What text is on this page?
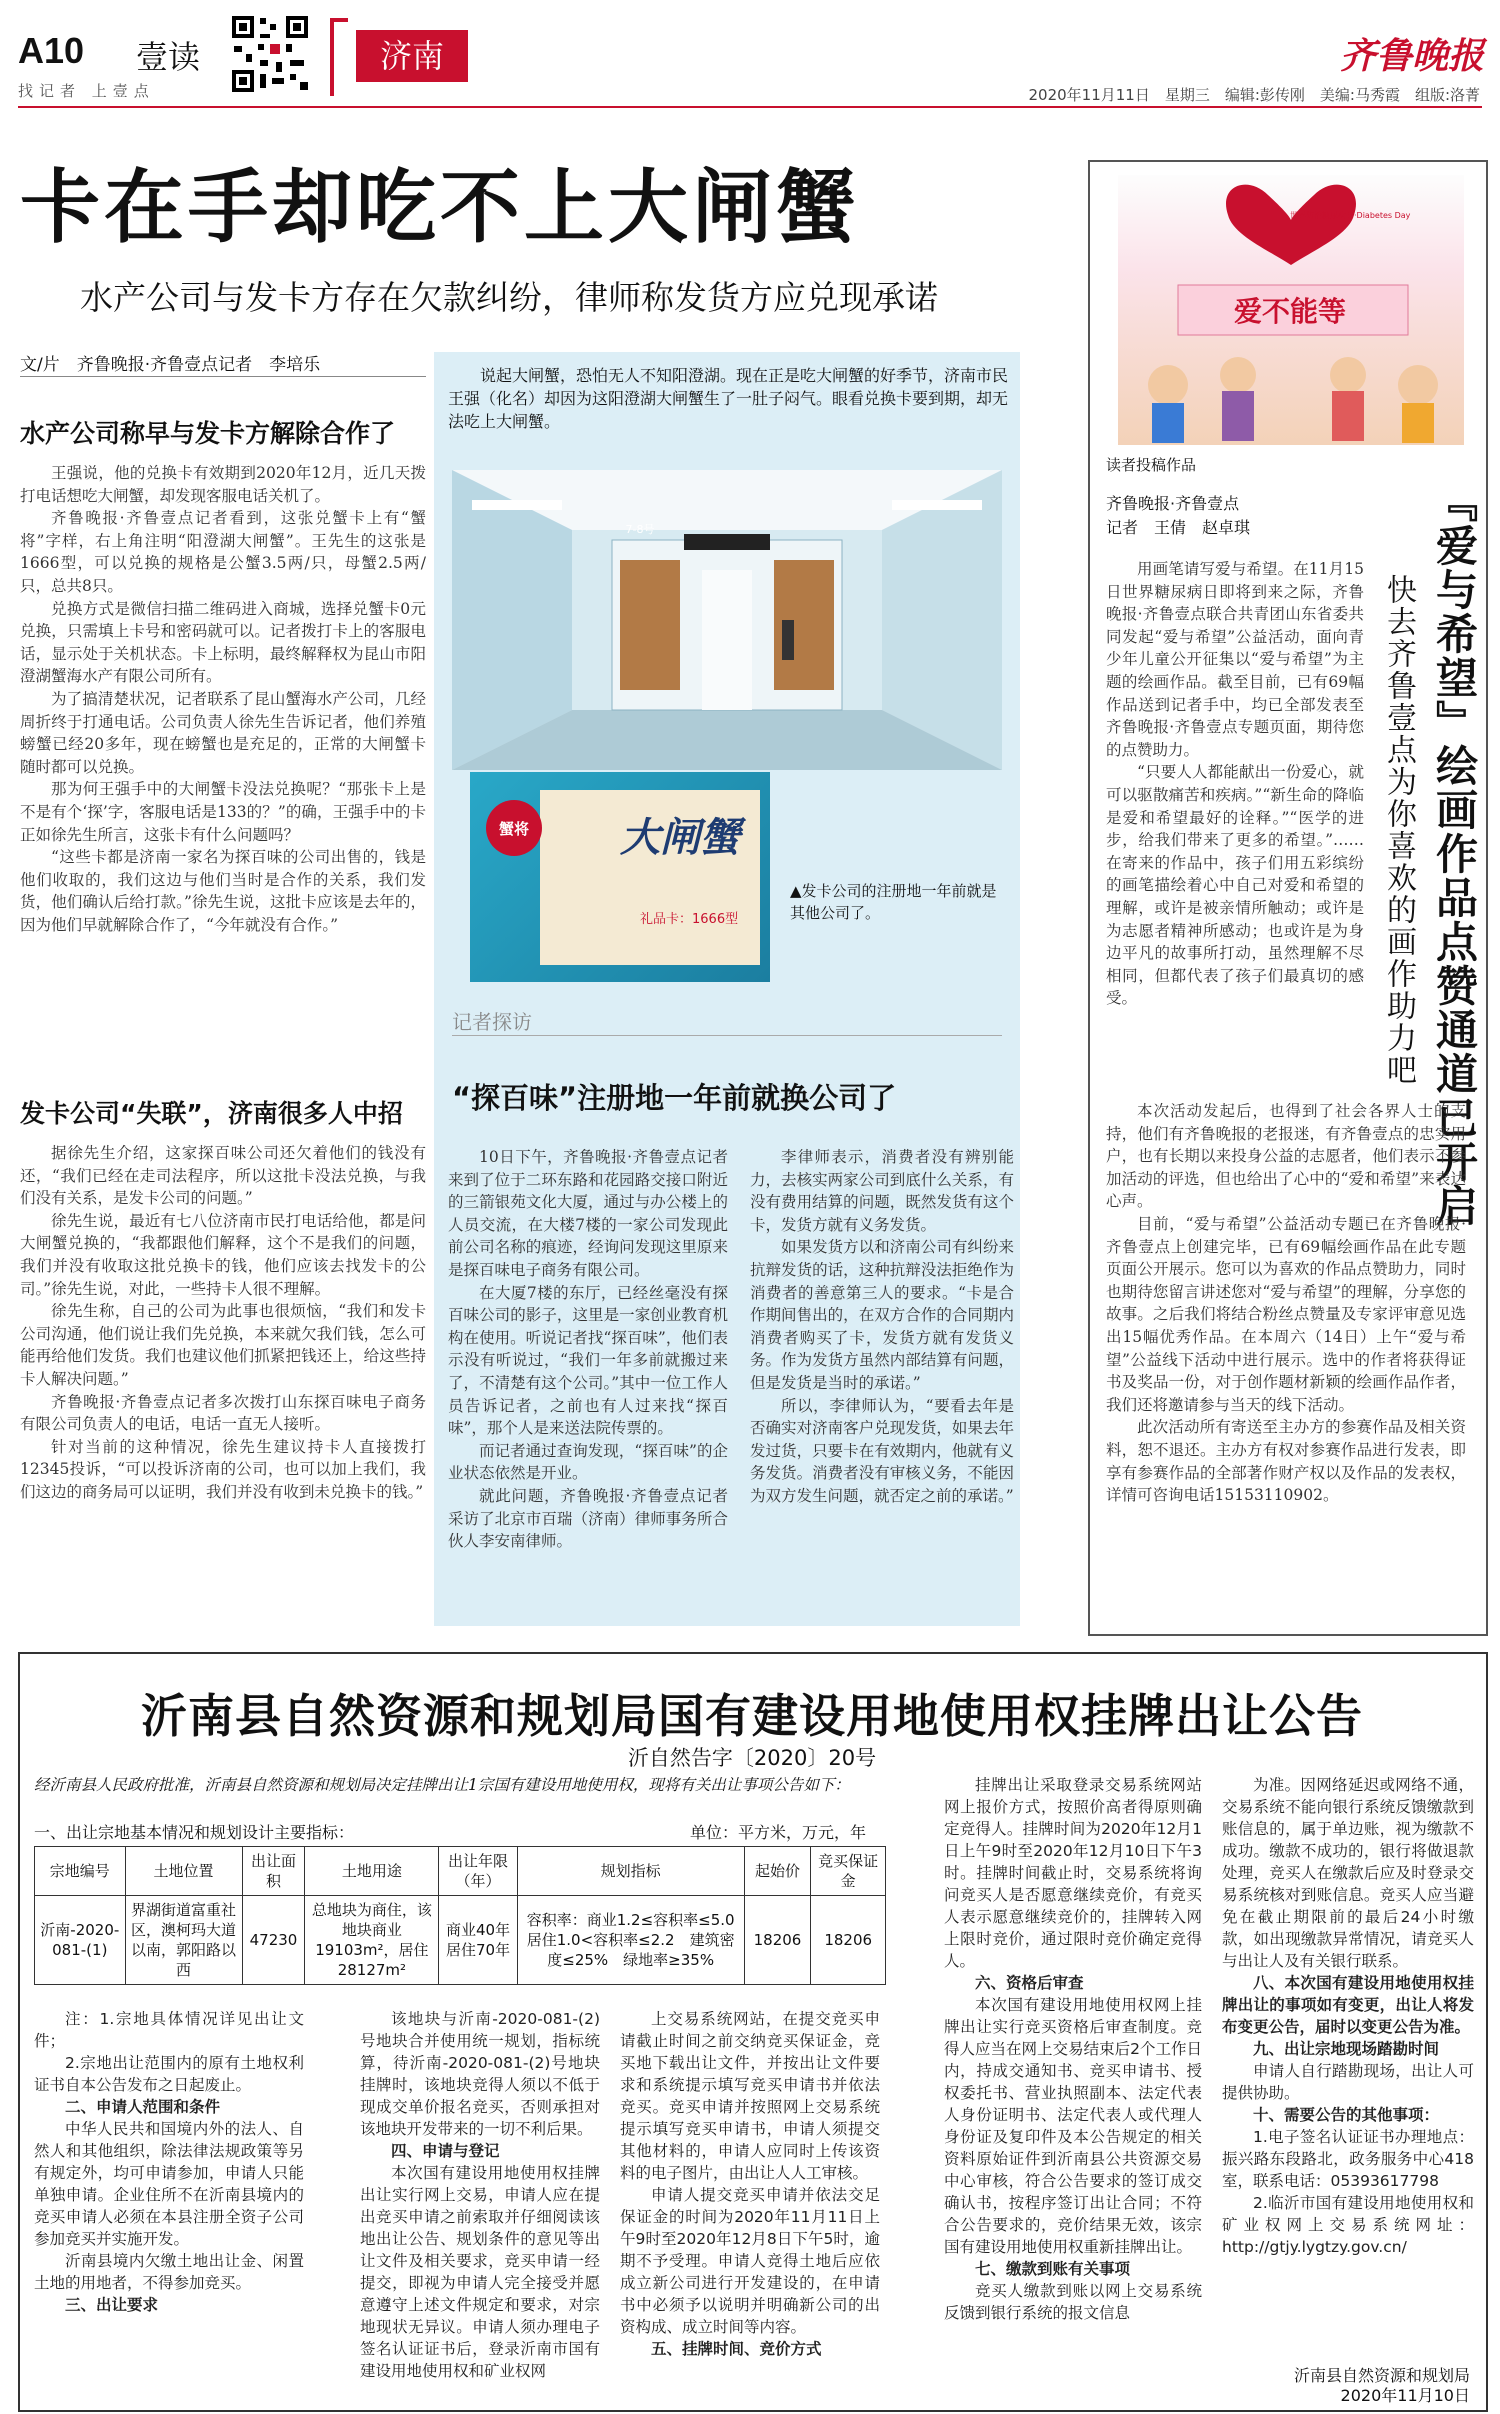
A10 壹读
找记者 上壹点
济南	齐鲁晚报
2020年11月11日　星期三　编辑:彭传刚　美编:马秀霞　组版:洛菁
卡在手却吃不上大闸蟹
水产公司与发卡方存在欠款纠纷，律师称发货方应兑现承诺
文/片　齐鲁晚报·齐鲁壹点记者　李培乐
水产公司称早与发卡方解除合作了

王强说，他的兑换卡有效期到2020年12月，近几天拨打电话想吃大闸蟹，却发现客服电话关机了。

齐鲁晚报·齐鲁壹点记者看到，这张兑蟹卡上有“蟹将”字样，右上角注明“阳澄湖大闸蟹”。王先生的这张是1666型，可以兑换的规格是公蟹3.5两/只，母蟹2.5两/只，总共8只。

兑换方式是微信扫描二维码进入商城，选择兑蟹卡0元兑换，只需填上卡号和密码就可以。记者拨打卡上的客服电话，显示处于关机状态。卡上标明，最终解释权为昆山市阳澄湖蟹海水产有限公司所有。

为了搞清楚状况，记者联系了昆山蟹海水产公司，几经周折终于打通电话。公司负责人徐先生告诉记者，他们养殖螃蟹已经20多年，现在螃蟹也是充足的，正常的大闸蟹卡随时都可以兑换。

那为何王强手中的大闸蟹卡没法兑换呢？“那张卡上是不是有个‘探’字，客服电话是133的？”的确，王强手中的卡正如徐先生所言，这张卡有什么问题吗？

“这些卡都是济南一家名为探百味的公司出售的，钱是他们收取的，我们这边与他们当时是合作的关系，我们发货，他们确认后给打款。”徐先生说，这批卡应该是去年的，因为他们早就解除合作了，“今年就没有合作。”

发卡公司“失联”，济南很多人中招

据徐先生介绍，这家探百味公司还欠着他们的钱没有还，“我们已经在走司法程序，所以这批卡没法兑换，与我们没有关系，是发卡公司的问题。”

徐先生说，最近有七八位济南市民打电话给他，都是问大闸蟹兑换的，“我都跟他们解释，这个不是我们的问题，我们并没有收取这批兑换卡的钱，他们应该去找发卡的公司。”徐先生说，对此，一些持卡人很不理解。

徐先生称，自己的公司为此事也很烦恼，“我们和发卡公司沟通，他们说让我们先兑换，本来就欠我们钱，怎么可能再给他们发货。我们也建议他们抓紧把钱还上，给这些持卡人解决问题。”

齐鲁晚报·齐鲁壹点记者多次拨打山东探百味电子商务有限公司负责人的电话，电话一直无人接听。

针对当前的这种情况，徐先生建议持卡人直接拨打12345投诉，“可以投诉济南的公司，也可以加上我们，我们这边的商务局可以证明，我们并没有收到未兑换卡的钱。”

说起大闸蟹，恐怕无人不知阳澄湖。现在正是吃大闸蟹的好季节，济南市民王强（化名）却因为这阳澄湖大闸蟹生了一肚子闷气。眼看兑换卡要到期，却无法吃上大闸蟹。
7-8号
蟹将 大闸蟹
礼品卡：1666型
▲发卡公司的注册地一年前就是其他公司了。
记者探访
“探百味”注册地一年前就换公司了

10日下午，齐鲁晚报·齐鲁壹点记者来到了位于二环东路和花园路交接口附近的三箭银苑文化大厦，通过与办公楼上的人员交流，在大楼7楼的一家公司发现此前公司名称的痕迹，经询问发现这里原来是探百味电子商务有限公司。

在大厦7楼的东厅，已经丝毫没有探百味公司的影子，这里是一家创业教育机构在使用。听说记者找“探百味”，他们表示没有听说过，“我们一年多前就搬过来了，不清楚有这个公司。”其中一位工作人员告诉记者，之前也有人过来找“探百味”，那个人是来送法院传票的。

而记者通过查询发现，“探百味”的企业状态依然是开业。

就此问题，齐鲁晚报·齐鲁壹点记者采访了北京市百瑞（济南）律师事务所合伙人李安南律师。

李律师表示，消费者没有辨别能力，去核实两家公司到底什么关系，有没有费用结算的问题，既然发货有这个卡，发货方就有义务发货。

如果发货方以和济南公司有纠纷来抗辩发货的话，这种抗辩没法拒绝作为消费者的善意第三人的要求。“卡是合作期间售出的，在双方合作的合同期内消费者购买了卡，发货方就有发货义务。作为发货方虽然内部结算有问题，但是发货是当时的承诺。”

所以，李律师认为，“要看去年是否确实对济南客户兑现发货，如果去年发过货，只要卡在有效期内，他就有义务发货。消费者没有审核义务，不能因为双方发生问题，就否定之前的承诺。”

爱不能等
世界防治糖尿病日·Diabetes Day
读者投稿作品
齐鲁晚报·齐鲁壹点
记者　王倩　赵卓琪	『爱与希望』绘画作品点赞通道已开启
快去齐鲁壹点为你喜欢的画作助力吧

用画笔请写爱与希望。在11月15日世界糖尿病日即将到来之际，齐鲁晚报·齐鲁壹点联合共青团山东省委共同发起“爱与希望”公益活动，面向青少年儿童公开征集以“爱与希望”为主题的绘画作品。截至目前，已有69幅作品送到记者手中，均已全部发表至齐鲁晚报·齐鲁壹点专题页面，期待您的点赞助力。

“只要人人都能献出一份爱心，就可以驱散痛苦和疾病。”“新生命的降临是爱和希望最好的诠释。”“医学的进步，给我们带来了更多的希望。”……在寄来的作品中，孩子们用五彩缤纷的画笔描绘着心中自己对爱和希望的理解，或许是被亲情所触动；或许是为志愿者精神所感动；也或许是为身边平凡的故事所打动，虽然理解不尽相同，但都代表了孩子们最真切的感受。

本次活动发起后，也得到了社会各界人士的支持，他们有齐鲁晚报的老报迷，有齐鲁壹点的忠实用户，也有长期以来投身公益的志愿者，他们表示不参加活动的评选，但也给出了心中的“爱和希望”来表达心声。

目前，“爱与希望”公益活动专题已在齐鲁晚报·齐鲁壹点上创建完毕，已有69幅绘画作品在此专题页面公开展示。您可以为喜欢的作品点赞助力，同时也期待您留言讲述您对“爱与希望”的理解，分享您的故事。之后我们将结合粉丝点赞量及专家评审意见选出15幅优秀作品。在本周六（14日）上午“爱与希望”公益线下活动中进行展示。选中的作者将获得证书及奖品一份，对于创作题材新颖的绘画作品作者，我们还将邀请参与当天的线下活动。

此次活动所有寄送至主办方的参赛作品及相关资料，恕不退还。主办方有权对参赛作品进行发表，即享有参赛作品的全部著作财产权以及作品的发表权，详情可咨询电话15153110902。

沂南县自然资源和规划局国有建设用地使用权挂牌出让公告
沂自然告字〔2020〕20号
经沂南县人民政府批准，沂南县自然资源和规划局决定挂牌出让1宗国有建设用地使用权，现将有关出让事项公告如下：
一、出让宗地基本情况和规划设计主要指标：	单位：平方米，万元，年
宗地编号	土地位置	出让面积	土地用途	出让年限（年）	规划指标	起始价	竞买保证金
沂南-2020-081-(1)	界湖街道富重社区，澳柯玛大道以南，郭阳路以西	47230	总地块为商住，该地块商业19103m²，居住28127m²	商业40年居住70年	容积率：商业1.2≤容积率≤5.0居住1.0<容积率≤2.2　建筑密度≤25%　绿地率≥35%	18206	18206

注：1.宗地具体情况详见出让文件；

2.宗地出让范围内的原有土地权利证书自本公告发布之日起废止。

二、申请人范围和条件

中华人民共和国境内外的法人、自然人和其他组织，除法律法规政策等另有规定外，均可申请参加，申请人只能单独申请。企业住所不在沂南县境内的竞买申请人必须在本县注册全资子公司参加竞买并实施开发。

沂南县境内欠缴土地出让金、闲置土地的用地者，不得参加竞买。

三、出让要求

该地块与沂南-2020-081-(2)号地块合并使用统一规划，指标统算，待沂南-2020-081-(2)号地块挂牌时，该地块竞得人须以不低于现成交单价报名竞买，否则承担对该地块开发带来的一切不利后果。

四、申请与登记

本次国有建设用地使用权挂牌出让实行网上交易，申请人应在提出竞买申请之前索取并仔细阅读该地出让公告、规划条件的意见等出让文件及相关要求，竞买申请一经提交，即视为申请人完全接受并愿意遵守上述文件规定和要求，对宗地现状无异议。申请人须办理电子签名认证证书后，登录沂南市国有建设用地使用权和矿业权网

上交易系统网站，在提交竞买申请截止时间之前交纳竞买保证金，竞买地下载出让文件，并按出让文件要求和系统提示填写竞买申请书并依法竞买。竞买申请并按照网上交易系统提示填写竞买申请书，申请人须提交其他材料的，申请人应同时上传该资料的电子图片，由出让人人工审核。

申请人提交竞买申请并依法交足保证金的时间为2020年11月11日上午9时至2020年12月8日下午5时，逾期不予受理。申请人竞得土地后应依成立新公司进行开发建设的，在申请书中必须予以说明并明确新公司的出资构成、成立时间等内容。

五、挂牌时间、竞价方式

挂牌出让采取登录交易系统网站网上报价方式，按照价高者得原则确定竞得人。挂牌时间为2020年12月1日上午9时至2020年12月10日下午3时。挂牌时间截止时，交易系统将询问竞买人是否愿意继续竞价，有竞买人表示愿意继续竞价的，挂牌转入网上限时竞价，通过限时竞价确定竞得人。

六、资格后审查

本次国有建设用地使用权网上挂牌出让实行竞买资格后审查制度。竞得人应当在网上交易结束后2个工作日内，持成交通知书、竞买申请书、授权委托书、营业执照副本、法定代表人身份证明书、法定代表人或代理人身份证及复印件及本公告规定的相关资料原始证件到沂南县公共资源交易中心审核，符合公告要求的签订成交确认书，按程序签订出让合同；不符合公告要求的，竞价结果无效，该宗国有建设用地使用权重新挂牌出让。

七、缴款到账有关事项

竞买人缴款到账以网上交易系统反馈到银行系统的报文信息

为准。因网络延迟或网络不通，交易系统不能向银行系统反馈缴款到账信息的，属于单边账，视为缴款不成功。缴款不成功的，银行将做退款处理，竞买人在缴款后应及时登录交易系统核对到账信息。竞买人应当避免在截止期限前的最后24小时缴款，如出现缴款异常情况，请竞买人与出让人及有关银行联系。

八、本次国有建设用地使用权挂牌出让的事项如有变更，出让人将发布变更公告，届时以变更公告为准。

九、出让宗地现场踏勘时间

申请人自行踏勘现场，出让人可提供协助。

十、需要公告的其他事项：

1.电子签名认证证书办理地点：振兴路东段路北，政务服务中心418室，联系电话：05393617798

2.临沂市国有建设用地使用权和矿业权网上交易系统网址：http://gtjy.lygtzy.gov.cn/

沂南县自然资源和规划局
2020年11月10日
